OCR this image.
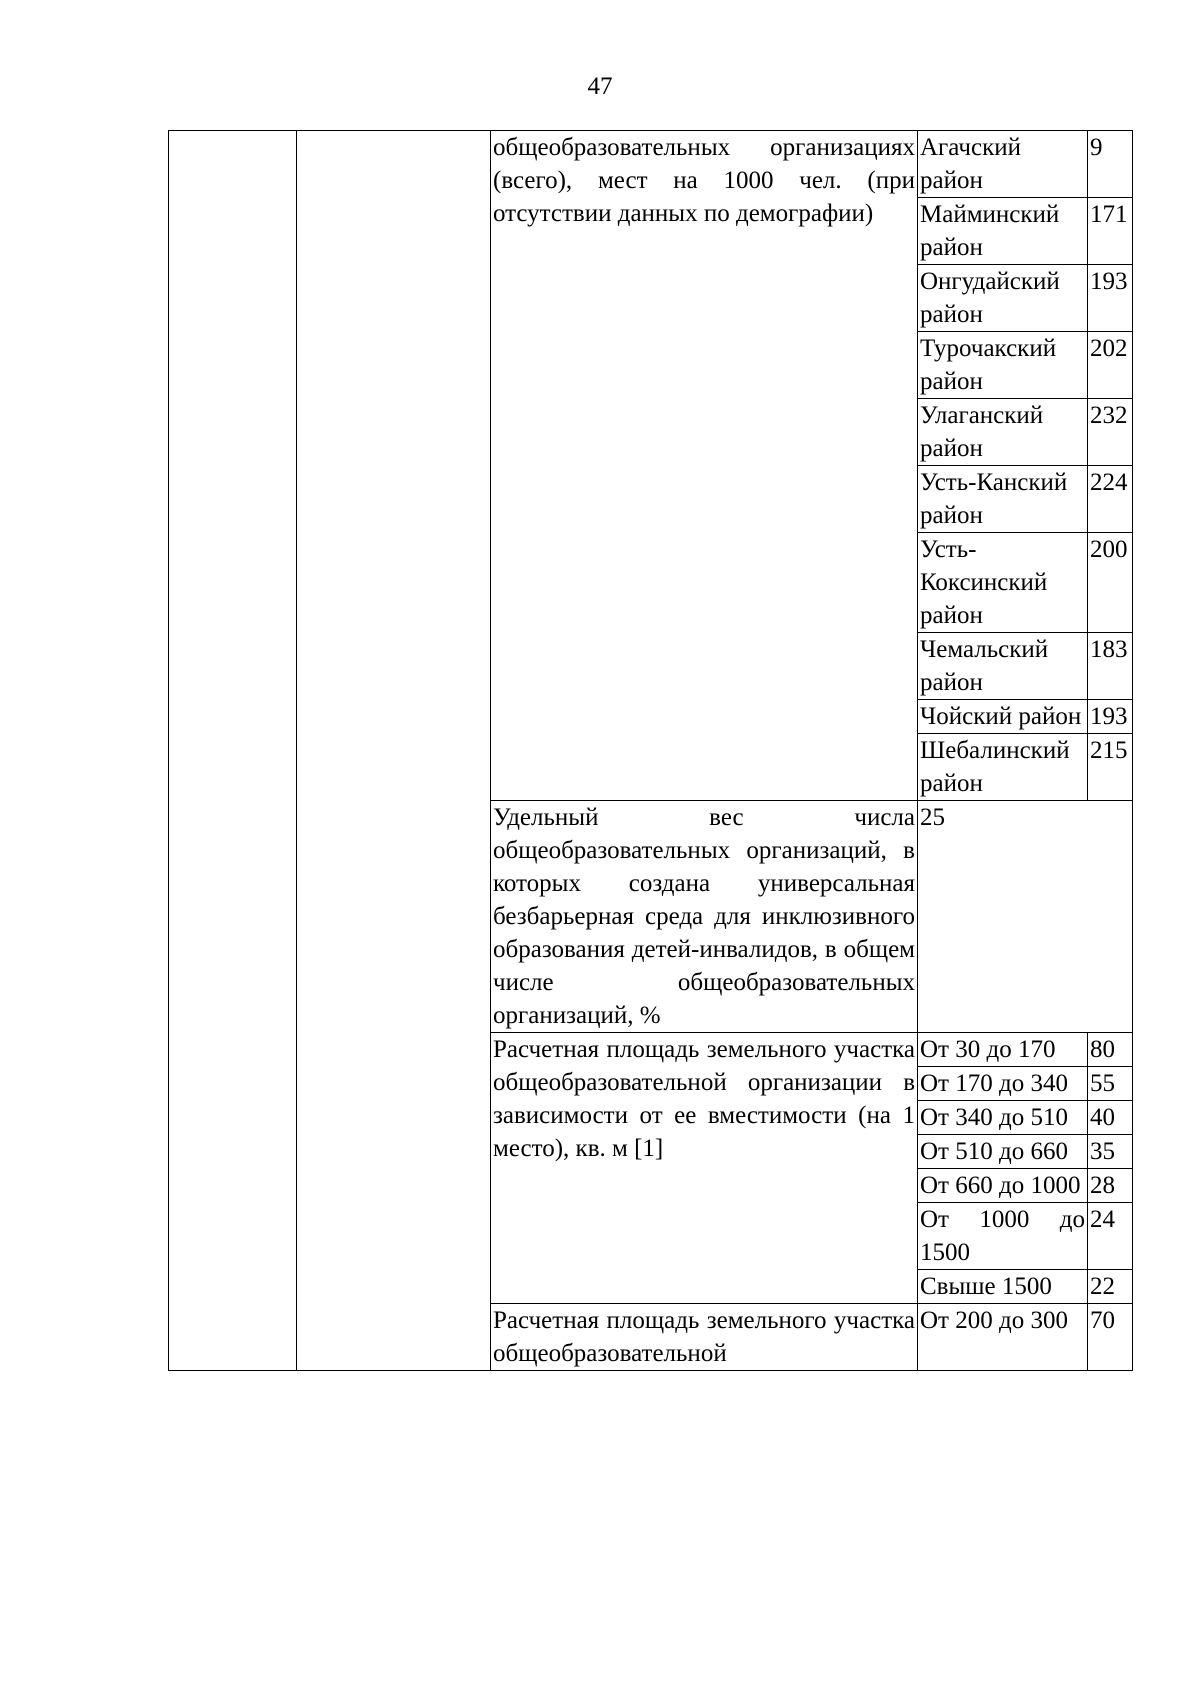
47
		общеобразовательных организациях (всего), мест на 1000 чел. (при отсутствии данных по демографии)	Агачский район	9
			Майминский район	171
			Онгудайский район	193
			Турочакский район	202
			Улаганский район	232
			Усть-Канский район	224
			Усть-Коксинский район	200
			Чемальский район	183
			Чойский район	193
			Шебалинский район	215
		Удельный вес числа общеобразовательных организаций, в которых создана универсальная безбарьерная среда для инклюзивного образования детей-инвалидов, в общем числе общеобразовательных организаций, %	25	
		Расчетная площадь земельного участка общеобразовательной организации в зависимости от ее вместимости (на 1 место), кв. м [1]	От 30 до 170	80
			От 170 до 340	55
			От 340 до 510	40
			От 510 до 660	35
			От 660 до 1000	28
			От 1000 до 1500	24
			Свыше 1500	22
		Расчетная площадь земельного участка общеобразовательной	От 200 до 300	70
